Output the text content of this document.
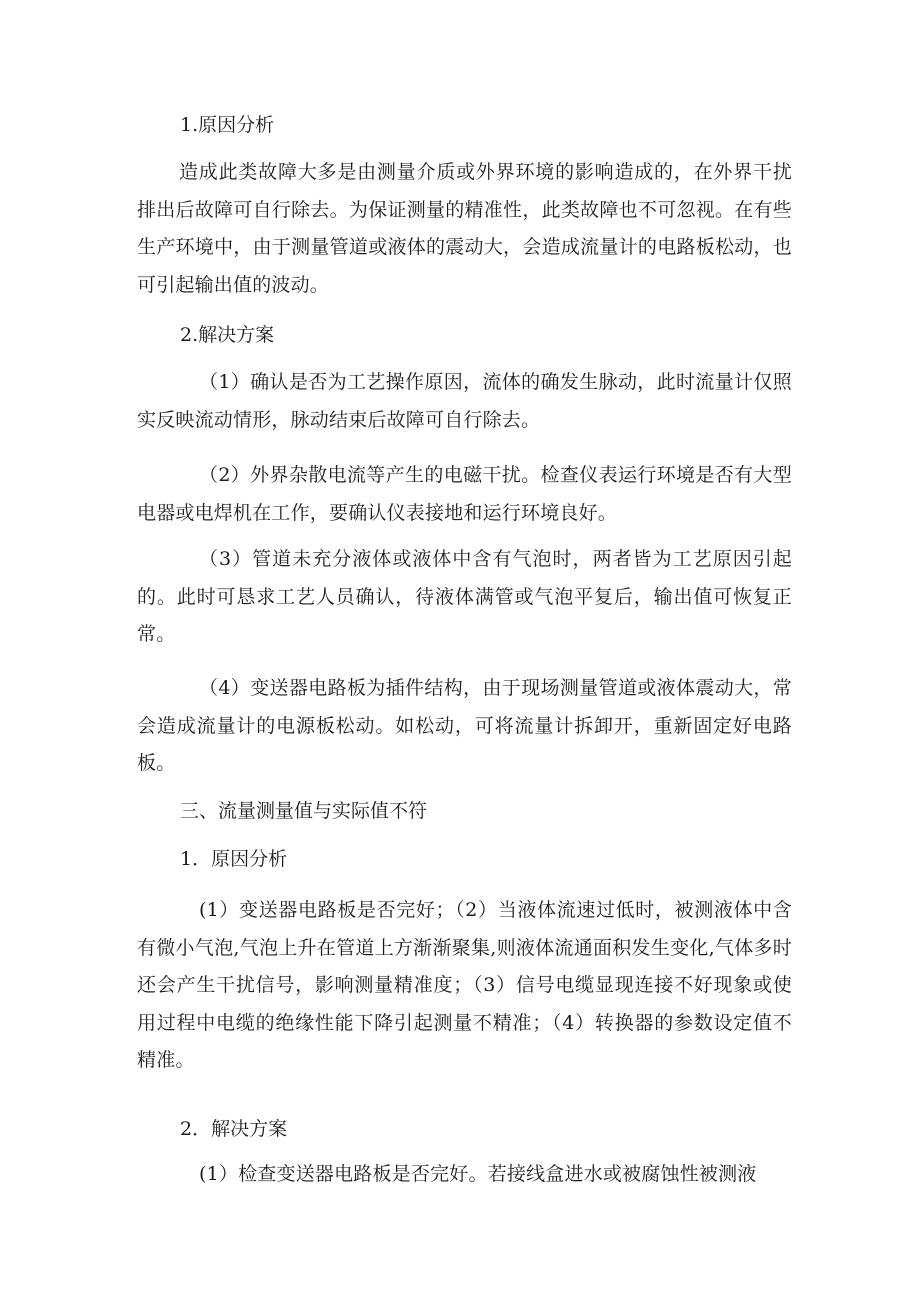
1.原因分析
造成此类故障大多是由测量介质或外界环境的影响造成的，在外界干扰排出后故障可自行除去。为保证测量的精准性，此类故障也不可忽视。在有些生产环境中，由于测量管道或液体的震动大，会造成流量计的电路板松动，也可引起输出值的波动。
2.解决方案
（1）确认是否为工艺操作原因，流体的确发生脉动，此时流量计仅照实反映流动情形，脉动结束后故障可自行除去。
（2）外界杂散电流等产生的电磁干扰。检查仪表运行环境是否有大型电器或电焊机在工作，要确认仪表接地和运行环境良好。
（3）管道未充分液体或液体中含有气泡时，两者皆为工艺原因引起的。此时可恳求工艺人员确认，待液体满管或气泡平复后，输出值可恢复正常。
（4）变送器电路板为插件结构，由于现场测量管道或液体震动大，常会造成流量计的电源板松动。如松动，可将流量计拆卸开，重新固定好电路板。
三、流量测量值与实际值不符
1．原因分析
(1）变送器电路板是否完好；（2）当液体流速过低时，被测液体中含有微小气泡,气泡上升在管道上方渐渐聚集,则液体流通面积发生变化,气体多时还会产生干扰信号，影响测量精准度；（3）信号电缆显现连接不好现象或使用过程中电缆的绝缘性能下降引起测量不精准；（4）转换器的参数设定值不精准。
2．解决方案
(1）检查变送器电路板是否完好。若接线盒进水或被腐蚀性被测液
